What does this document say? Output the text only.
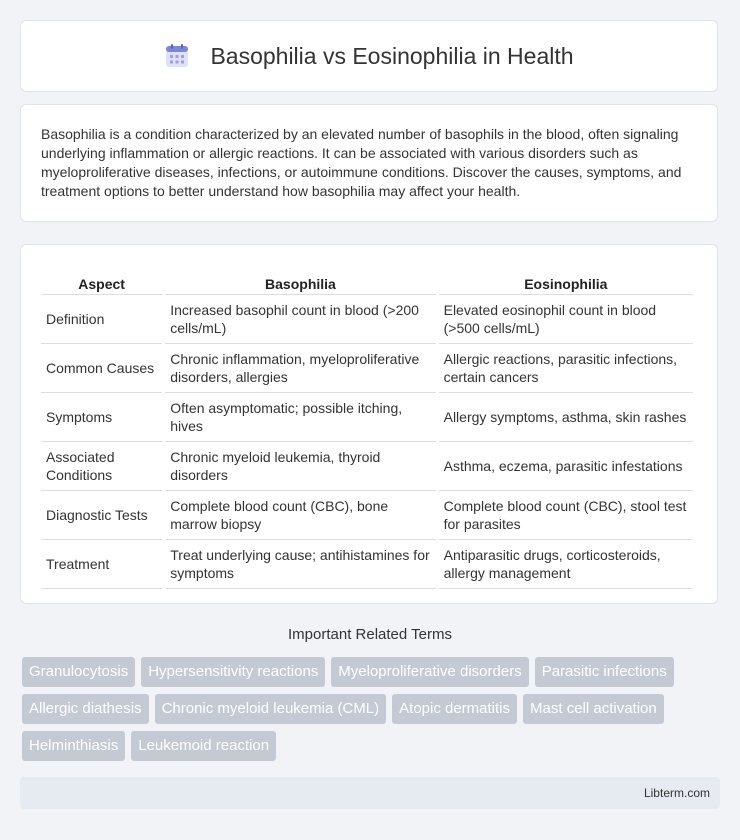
Basophilia vs Eosinophilia in Health

Basophilia is a condition characterized by an elevated number of basophils in the blood, often signaling underlying inflammation or allergic reactions. It can be associated with various disorders such as myeloproliferative diseases, infections, or autoimmune conditions. Discover the causes, symptoms, and treatment options to better understand how basophilia may affect your health.

Aspect	Basophilia	Eosinophilia
Definition	Increased basophil count in blood (>200 cells/mL)	Elevated eosinophil count in blood (>500 cells/mL)
Common Causes	Chronic inflammation, myeloproliferative disorders, allergies	Allergic reactions, parasitic infections, certain cancers
Symptoms	Often asymptomatic; possible itching, hives	Allergy symptoms, asthma, skin rashes
Associated Conditions	Chronic myeloid leukemia, thyroid disorders	Asthma, eczema, parasitic infestations
Diagnostic Tests	Complete blood count (CBC), bone marrow biopsy	Complete blood count (CBC), stool test for parasites
Treatment	Treat underlying cause; antihistamines for symptoms	Antiparasitic drugs, corticosteroids, allergy management
Important Related Terms
Granulocytosis	Hypersensitivity reactions	Myeloproliferative disorders	Parasitic infections
Allergic diathesis	Chronic myeloid leukemia (CML)	Atopic dermatitis	Mast cell activation
Helminthiasis	Leukemoid reaction
Libterm.com
